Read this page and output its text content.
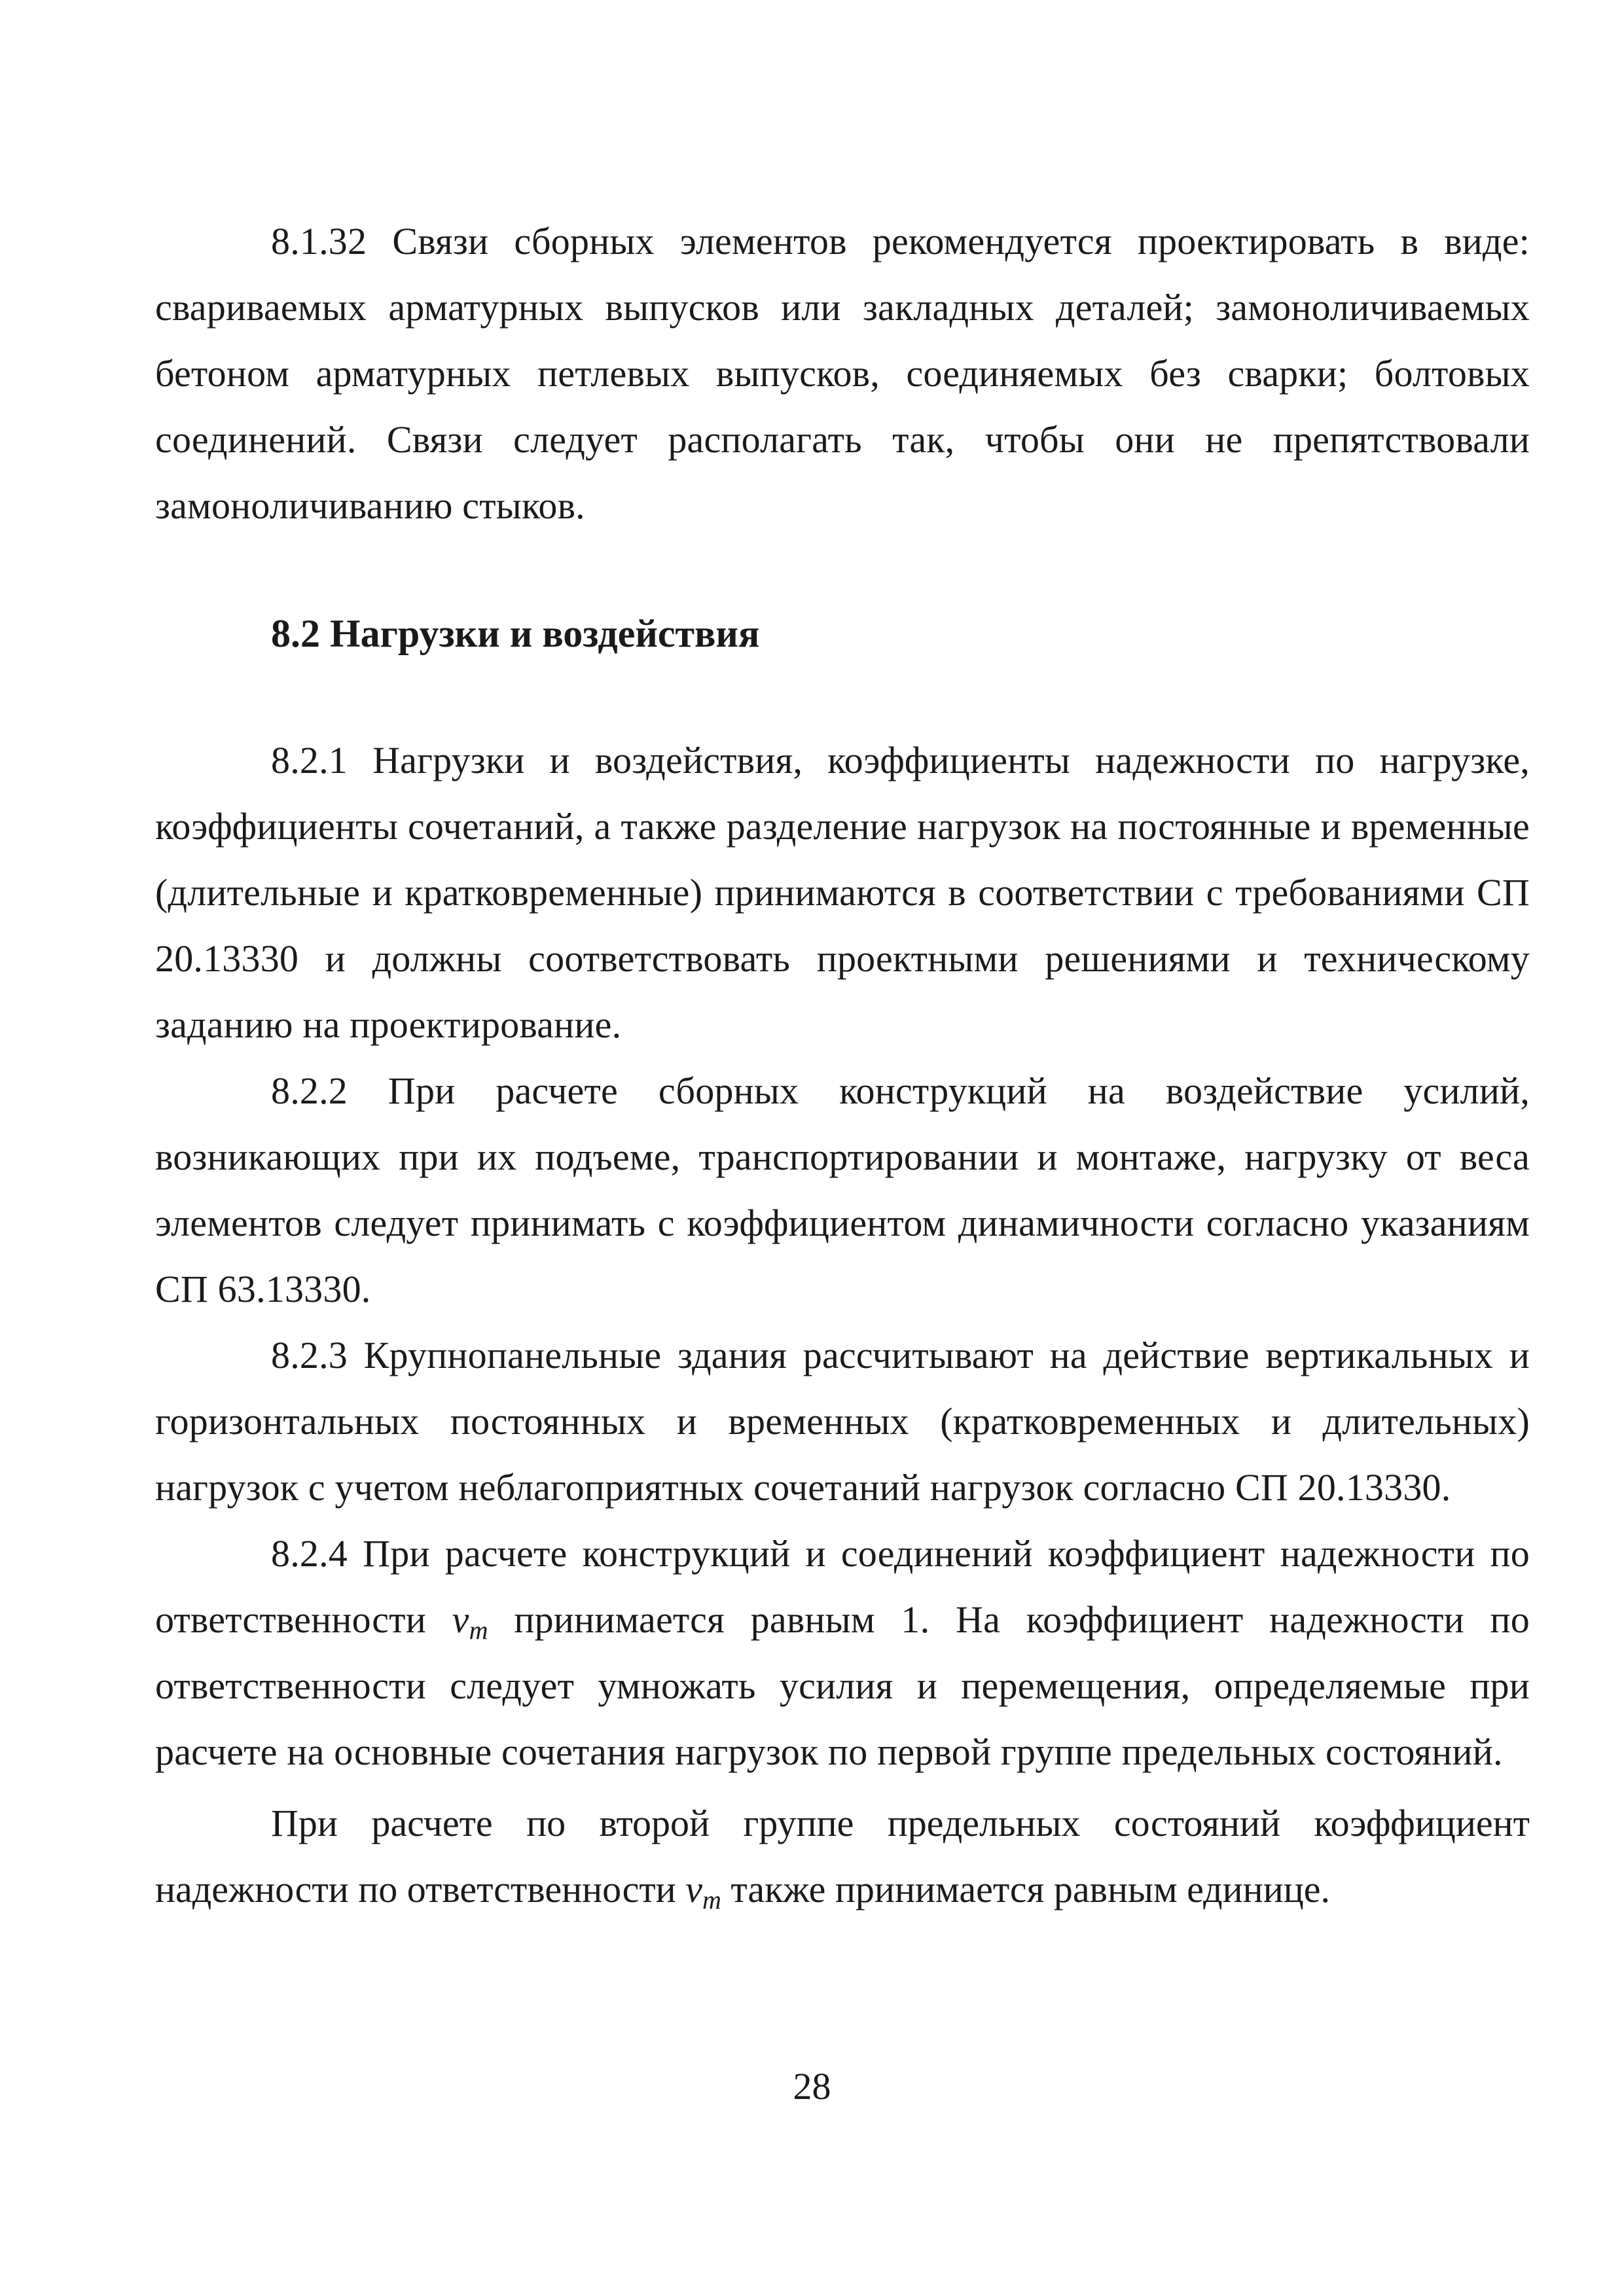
8.1.32 Связи сборных элементов рекомендуется проектировать в виде: свариваемых арматурных выпусков или закладных деталей; замоноличиваемых бетоном арматурных петлевых выпусков, соединяемых без сварки; болтовых соединений. Связи следует располагать так, чтобы они не препятствовали замоноличиванию стыков.

8.2 Нагрузки и воздействия

8.2.1 Нагрузки и воздействия, коэффициенты надежности по нагрузке, коэффициенты сочетаний, а также разделение нагрузок на постоянные и временные (длительные и кратковременные) принимаются в соответствии с требованиями СП 20.13330 и должны соответствовать проектными решениями и техническому заданию на проектирование.

8.2.2 При расчете сборных конструкций на воздействие усилий, возникающих при их подъеме, транспортировании и монтаже, нагрузку от веса элементов следует принимать с коэффициентом динамичности согласно указаниям СП 63.13330.

8.2.3 Крупнопанельные здания рассчитывают на действие вертикальных и горизонтальных постоянных и временных (кратковременных и длительных) нагрузок с учетом неблагоприятных сочетаний нагрузок согласно СП 20.13330.

8.2.4 При расчете конструкций и соединений коэффициент надежности по ответственности $\nu_m$ принимается равным 1. На коэффициент надежности по ответственности следует умножать усилия и перемещения, определяемые при расчете на основные сочетания нагрузок по первой группе предельных состояний.

При расчете по второй группе предельных состояний коэффициент надежности по ответственности $\nu_m$ также принимается равным единице.

28
